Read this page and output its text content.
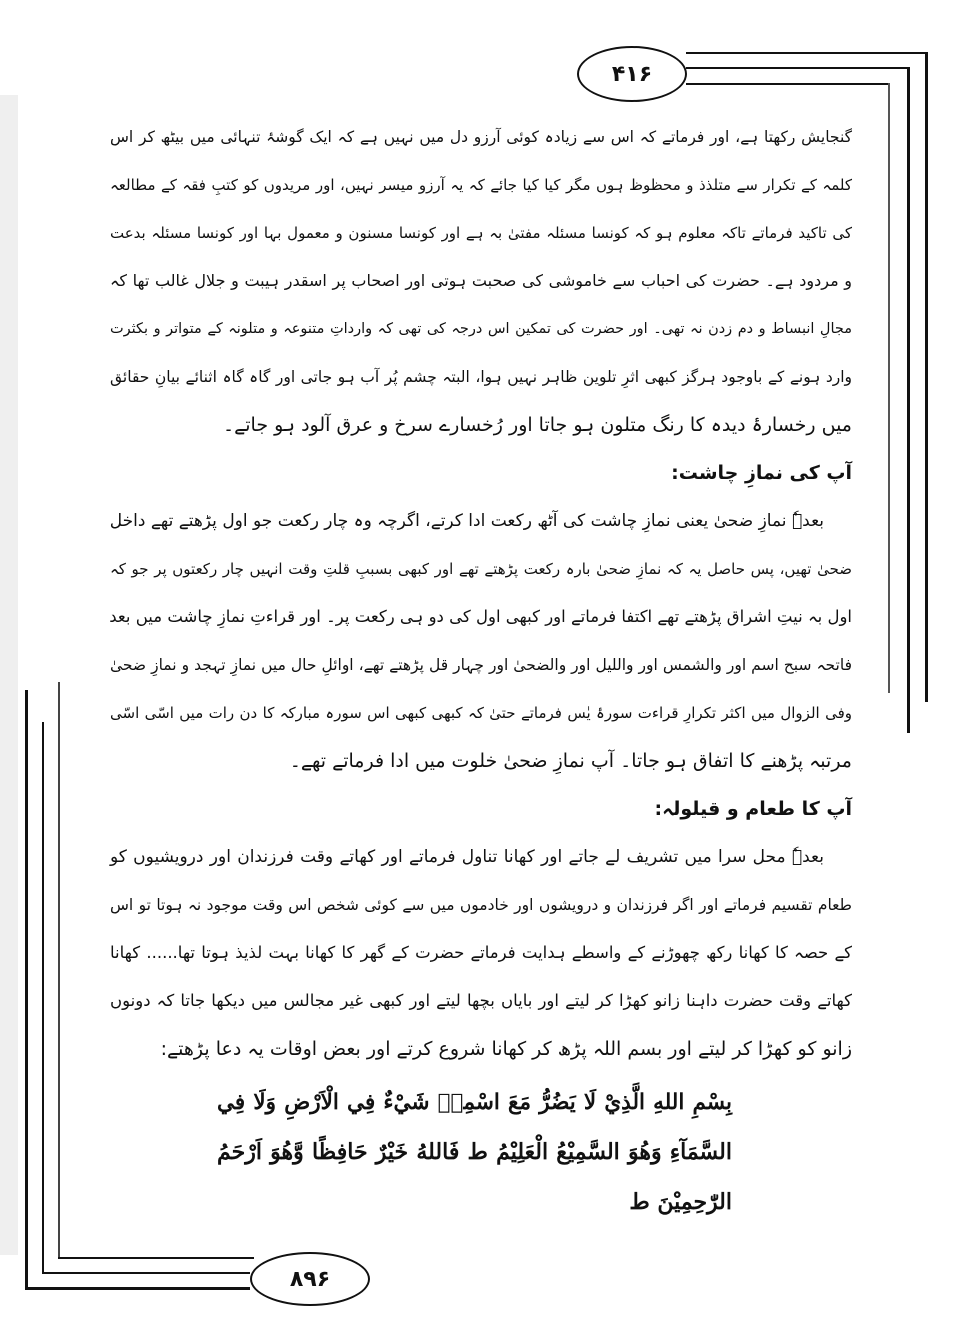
۴۱۶
۸۹۶
گنجایش رکھتا ہے، اور فرماتے کہ اس سے زیادہ کوئی آرزو دل میں نہیں ہے کہ ایک گوشۂ تنہائی میں بیٹھ کر اس
کلمہ کے تکرار سے متلذذ و محظوظ ہوں مگر کیا کیا جائے کہ یہ آرزو میسر نہیں، اور مریدوں کو کتبِ فقہ کے مطالعہ
کی تاکید فرماتے تاکہ معلوم ہو کہ کونسا مسئلہ مفتیٰ بہ ہے اور کونسا مسنون و معمول بہا اور کونسا مسئلہ بدعت
و مردود ہے۔ حضرت کی احباب سے خاموشی کی صحبت ہوتی اور اصحاب پر اسقدر ہیبت و جلال غالب تھا کہ
مجالِ انبساط و دم زدن نہ تھی۔ اور حضرت کی تمکین اس درجہ کی تھی کہ وارداتِ متنوعہ و متلونہ کے متواتر و بکثرت
وارد ہونے کے باوجود ہرگز کبھی اثرِ تلوین ظاہر نہیں ہوا، البتہ چشم پُر آب ہو جاتی اور گاہ گاہ اثنائے بیانِ حقائق
میں رخسارۂ دیدہ کا رنگ متلون ہو جاتا اور رُخسارے سرخ و عرق آلود ہو جاتے۔
آپ کی نمازِ چاشت:
بعدہٗ نمازِ ضحیٰ یعنی نمازِ چاشت کی آٹھ رکعت ادا کرتے، اگرچہ وہ چار رکعت جو اول پڑھتے تھے داخل
ضحیٰ تھیں، پس حاصل یہ کہ نمازِ ضحیٰ بارہ رکعت پڑھتے تھے اور کبھی بسببِ قلتِ وقت انہیں چار رکعتوں پر جو کہ
اول بہ نیتِ اشراق پڑھتے تھے اکتفا فرماتے اور کبھی اول کی دو ہی رکعت پر۔ اور قراءتِ نمازِ چاشت میں بعد
فاتحہ سبح اسم اور والشمس اور واللیل اور والضحیٰ اور چہار قل پڑھتے تھے، اوائلِ حال میں نمازِ تہجد و نمازِ ضحیٰ
وفی الزوال میں اکثر تکرارِ قراءت سورۂ یٰس فرماتے حتیٰ کہ کبھی کبھی اس سورہ مبارکہ کا دن رات میں اسّی اسّی
مرتبہ پڑھنے کا اتفاق ہو جاتا۔ آپ نمازِ ضحیٰ خلوت میں ادا فرماتے تھے۔
آپ کا طعام و قیلولہ:
بعدہٗ محل سرا میں تشریف لے جاتے اور کھانا تناول فرماتے اور کھاتے وقت فرزندان اور درویشیوں کو
طعام تقسیم فرماتے اور اگر فرزندان و درویشوں اور خادموں میں سے کوئی شخص اس وقت موجود نہ ہوتا تو اس
کے حصہ کا کھانا رکھ چھوڑنے کے واسطے ہدایت فرماتے حضرت کے گھر کا کھانا بہت لذیذ ہوتا تھا...... کھانا
کھاتے وقت حضرت داہنا زانو کھڑا کر لیتے اور بایاں بچھا لیتے اور کبھی غیر مجالس میں دیکھا جاتا کہ دونوں
زانو کو کھڑا کر لیتے اور بسم اللہ پڑھ کر کھانا شروع کرتے اور بعض اوقات یہ دعا پڑھتے:
بِسْمِ اللهِ الَّذِيْ لَا يَضُرُّ مَعَ اسْمِهٖ شَيْءٌ فِي الْاَرْضِ وَلَا فِي
السَّمَآءِ وَهُوَ السَّمِيْعُ الْعَلِيْمُ ط فَاللهُ خَيْرٌ حَافِظًا وَّهُوَ اَرْحَمُ
الرّٰحِمِيْنَ ط
